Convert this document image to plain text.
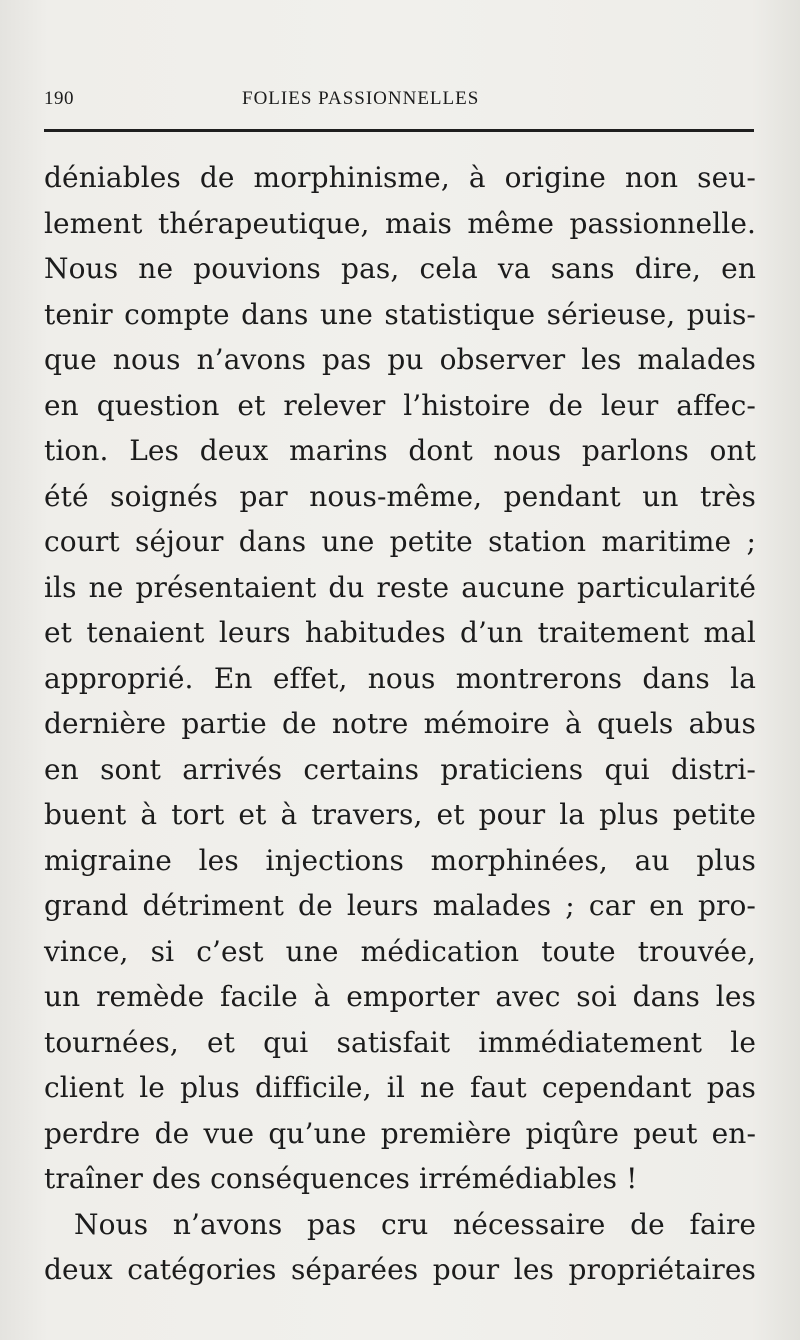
190	FOLIES PASSIONNELLES
déniables de morphinisme, à origine non seu-
lement thérapeutique, mais même passionnelle.
Nous ne pouvions pas, cela va sans dire, en
tenir compte dans une statistique sérieuse, puis-
que nous n’avons pas pu observer les malades
en question et relever l’histoire de leur affec-
tion. Les deux marins dont nous parlons ont
été soignés par nous-même, pendant un très
court séjour dans une petite station maritime ;
ils ne présentaient du reste aucune particularité
et tenaient leurs habitudes d’un traitement mal
approprié. En effet, nous montrerons dans la
dernière partie de notre mémoire à quels abus
en sont arrivés certains praticiens qui distri-
buent à tort et à travers, et pour la plus petite
migraine les injections morphinées, au plus
grand détriment de leurs malades ; car en pro-
vince, si c’est une médication toute trouvée,
un remède facile à emporter avec soi dans les
tournées, et qui satisfait immédiatement le
client le plus difficile, il ne faut cependant pas
perdre de vue qu’une première piqûre peut en-
traîner des conséquences irrémédiables !
Nous n’avons pas cru nécessaire de faire
deux catégories séparées pour les propriétaires
